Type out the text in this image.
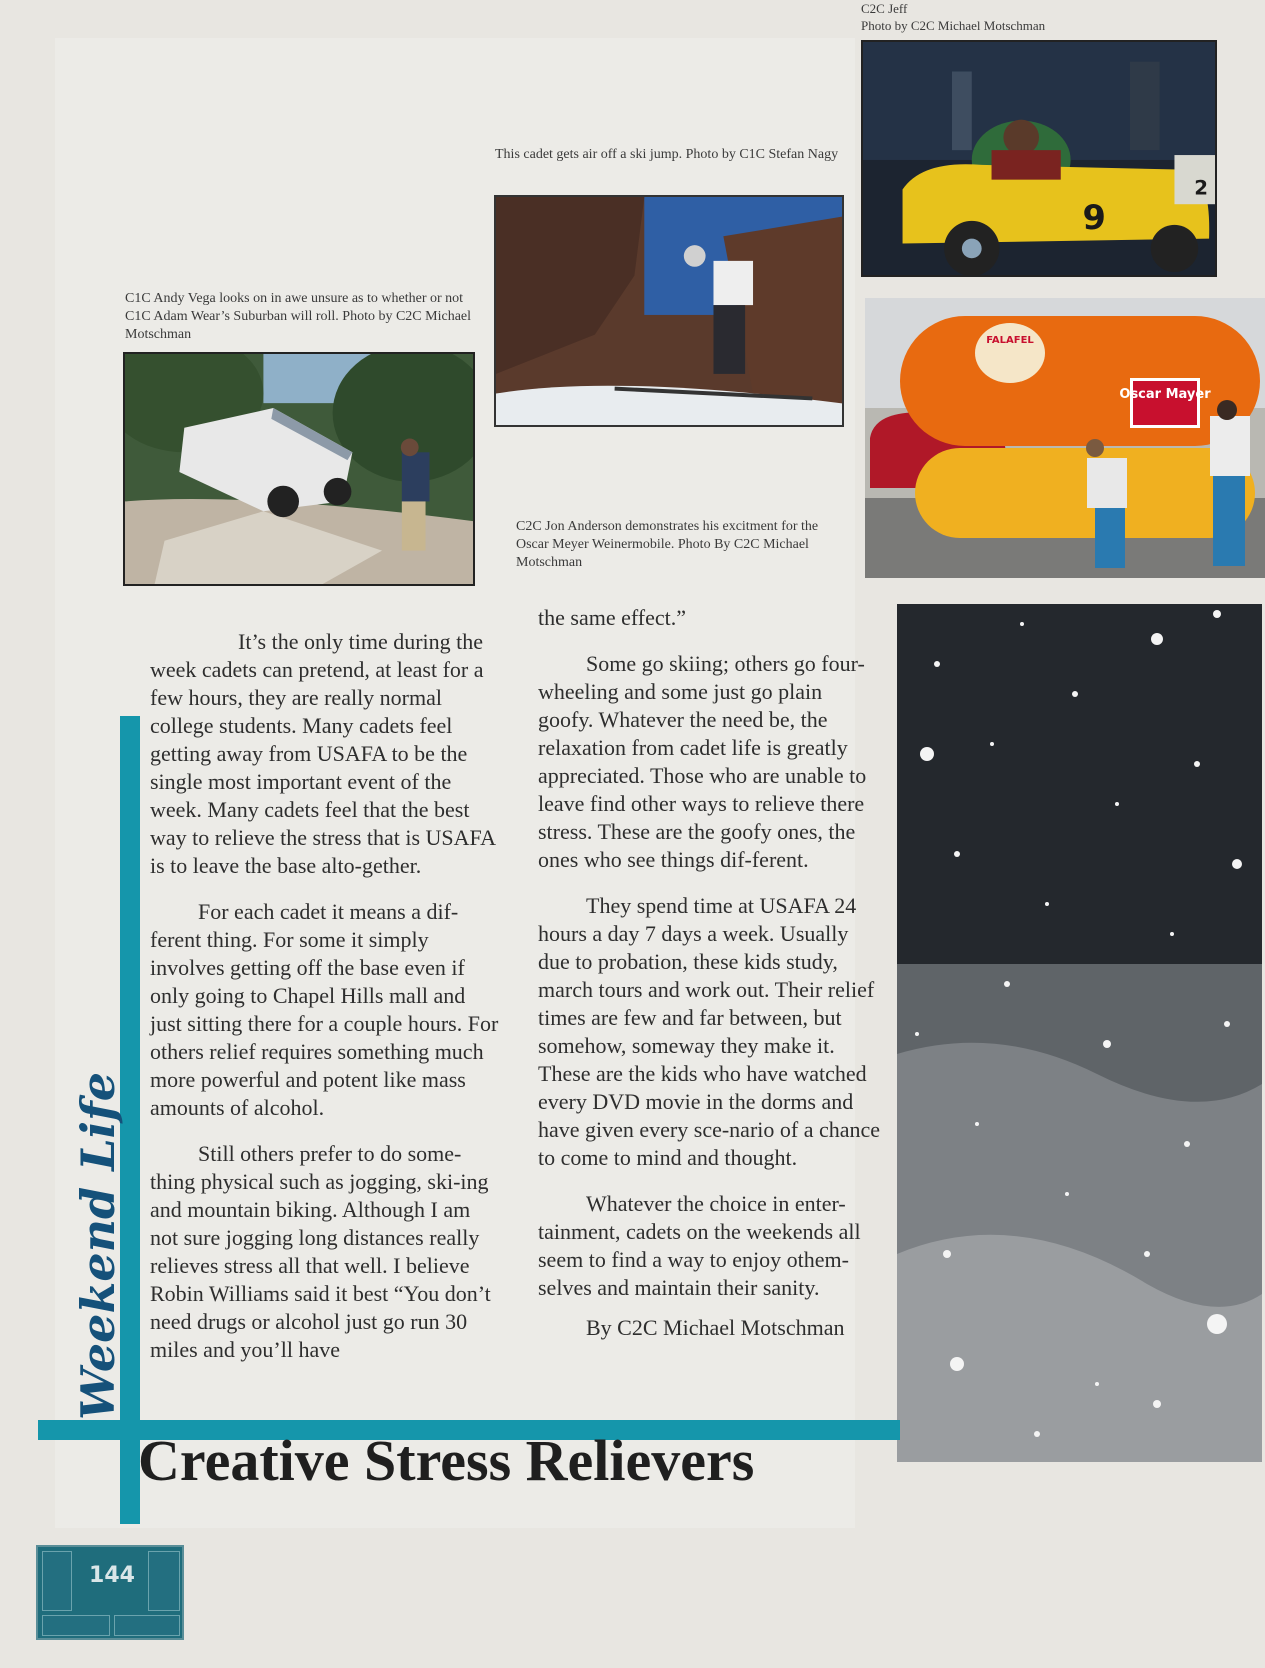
C2C Jeff
Photo by C2C Michael Motschman

9
2

This cadet gets air off a ski jump. Photo by C1C Stefan Nagy

C1C Andy Vega looks on in awe unsure as to whether or not C1C Adam Wear’s Suburban will roll. Photo by C2C Michael Motschman

Oscar Mayer
FALAFEL

C2C Jon Anderson demonstrates his excitment for the Oscar Meyer Weinermobile. Photo By C2C Michael Motschman

It’s the only time during the week cadets can pretend, at least for a few hours, they are really normal college students. Many cadets feel getting away from USAFA to be the single most important event of the week. Many cadets feel that the best way to relieve the stress that is USAFA is to leave the base alto-gether.

For each cadet it means a dif-ferent thing. For some it simply involves getting off the base even if only going to Chapel Hills mall and just sitting there for a couple hours. For others relief requires something much more powerful and potent like mass amounts of alcohol.

Still others prefer to do some-thing physical such as jogging, ski-ing and mountain biking. Although I am not sure jogging long distances really relieves stress all that well. I believe Robin Williams said it best “You don’t need drugs or alcohol just go run 30 miles and you’ll have

the same effect.”

Some go skiing; others go four-wheeling and some just go plain goofy. Whatever the need be, the relaxation from cadet life is greatly appreciated. Those who are unable to leave find other ways to relieve there stress. These are the goofy ones, the ones who see things dif-ferent.

They spend time at USAFA 24 hours a day 7 days a week. Usually due to probation, these kids study, march tours and work out. Their relief times are few and far between, but somehow, someway they make it. These are the kids who have watched every DVD movie in the dorms and have given every sce-nario of a chance to come to mind and thought.

Whatever the choice in enter-tainment, cadets on the weekends all seem to find a way to enjoy othem-selves and maintain their sanity.

By C2C Michael Motschman

Weekend Life
Creative Stress Relievers
144
